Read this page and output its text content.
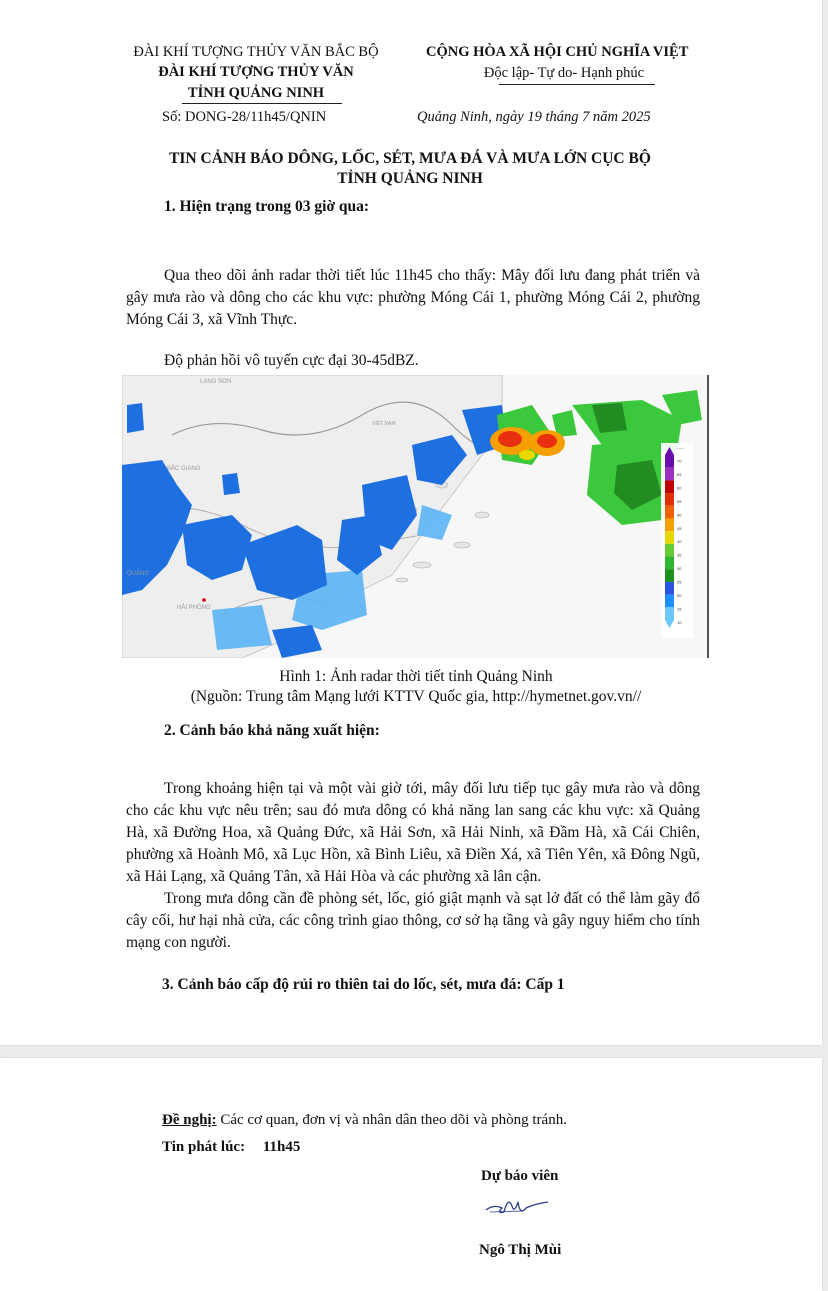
ĐÀI KHÍ TƯỢNG THỦY VĂN BẮC BỘ
ĐÀI KHÍ TƯỢNG THỦY VĂN
TỈNH QUẢNG NINH
Số: DONG-28/11h45/QNIN
CỘNG HÒA XÃ HỘI CHỦ NGHĨA VIỆT
Độc lập- Tự do- Hạnh phúc
Quảng Ninh, ngày 19 tháng 7 năm 2025
TIN CẢNH BÁO DÔNG, LỐC, SÉT, MƯA ĐÁ VÀ MƯA LỚN CỤC BỘ
TỈNH QUẢNG NINH
1. Hiện trạng trong 03 giờ qua:

Qua theo dõi ảnh radar thời tiết lúc 11h45 cho thấy: Mây đối lưu đang phát triển và gây mưa rào và dông cho các khu vực: phường Móng Cái 1, phường Móng Cái 2, phường Móng Cái 3, xã Vĩnh Thực.

Độ phản hồi vô tuyến cực đại 30-45dBZ.
LẠNG SƠN
VIỆT NAM
BẮC GIANG
QUẢNG
HẢI PHÒNG
-----
70
65
60
55
50
45
40
35
30
25
20
15
10
Hình 1: Ảnh radar thời tiết tỉnh Quảng Ninh
(Nguồn: Trung tâm Mạng lưới KTTV Quốc gia, http://hymetnet.gov.vn//
2. Cảnh báo khả năng xuất hiện:

Trong khoảng hiện tại và một vài giờ tới, mây đối lưu tiếp tục gây mưa rào và dông cho các khu vực nêu trên; sau đó mưa dông có khả năng lan sang các khu vực: xã Quảng Hà, xã Đường Hoa, xã Quảng Đức, xã Hải Sơn, xã Hải Ninh, xã Đầm Hà, xã Cái Chiên, phường xã Hoành Mô, xã Lục Hồn, xã Bình Liêu, xã Điền Xá, xã Tiên Yên, xã Đông Ngũ, xã Hải Lạng, xã Quảng Tân, xã Hải Hòa và các phường xã lân cận.

Trong mưa dông cần đề phòng sét, lốc, gió giật mạnh và sạt lở đất có thể làm gãy đổ cây cối, hư hại nhà cửa, các công trình giao thông, cơ sở hạ tầng và gây nguy hiểm cho tính mạng con người.

3. Cảnh báo cấp độ rủi ro thiên tai do lốc, sét, mưa đá: Cấp 1
Đề nghị: Các cơ quan, đơn vị và nhân dân theo dõi và phòng tránh.
Tin phát lúc: 11h45
Dự báo viên
Ngô Thị Mùi
